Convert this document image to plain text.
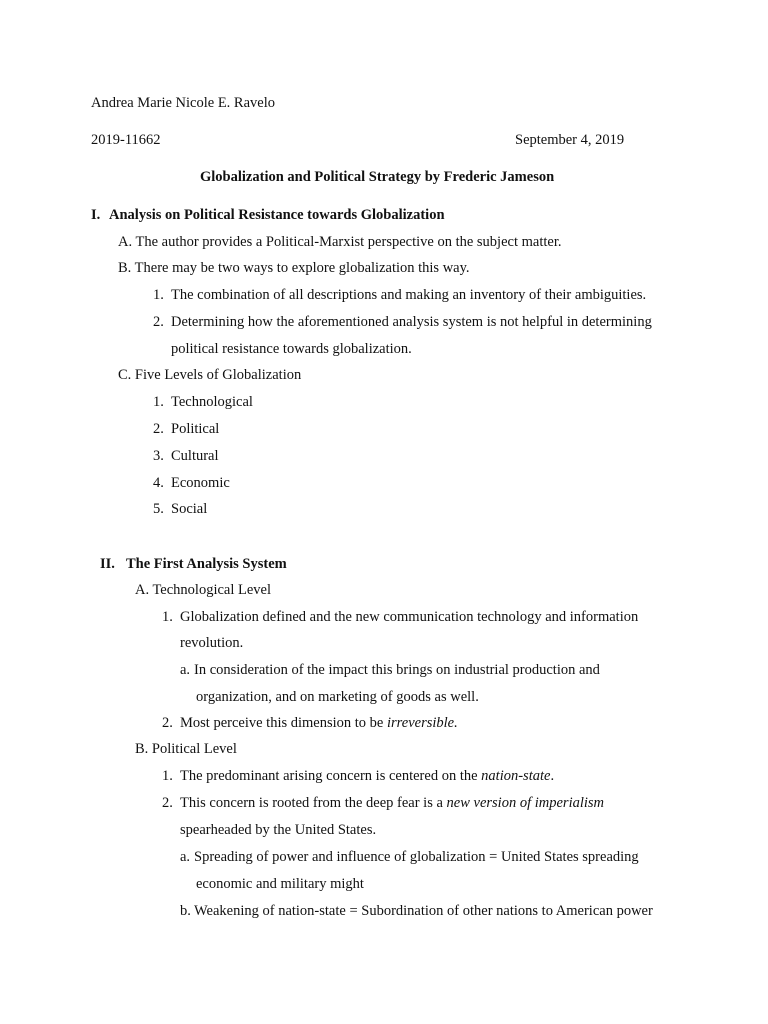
Andrea Marie Nicole E. Ravelo
2019-11662	September 4, 2019
Globalization and Political Strategy by Frederic Jameson
I. Analysis on Political Resistance towards Globalization
A. The author provides a Political-Marxist perspective on the subject matter.
B. There may be two ways to explore globalization this way.
1. The combination of all descriptions and making an inventory of their ambiguities.
2. Determining how the aforementioned analysis system is not helpful in determining
political resistance towards globalization.
C. Five Levels of Globalization
1. Technological
2. Political
3. Cultural
4. Economic
5. Social
II. The First Analysis System
A. Technological Level
1. Globalization defined and the new communication technology and information
revolution.
a. In consideration of the impact this brings on industrial production and
organization, and on marketing of goods as well.
2. Most perceive this dimension to be irreversible.
B. Political Level
1. The predominant arising concern is centered on the nation-state.
2. This concern is rooted from the deep fear is a new version of imperialism
spearheaded by the United States.
a. Spreading of power and influence of globalization = United States spreading
economic and military might
b. Weakening of nation-state = Subordination of other nations to American power
